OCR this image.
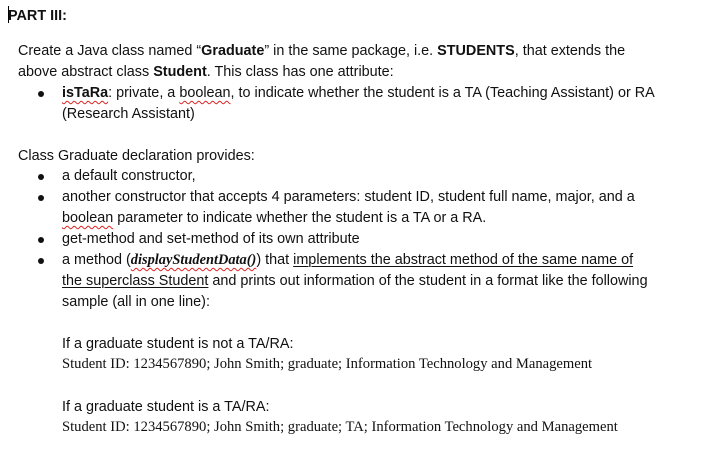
PART III:
Create a Java class named “Graduate” in the same package, i.e. STUDENTS, that extends the
above abstract class Student. This class has one attribute:
isTaRa: private, a boolean, to indicate whether the student is a TA (Teaching Assistant) or RA
(Research Assistant)
Class Graduate declaration provides:
a default constructor,
another constructor that accepts 4 parameters: student ID, student full name, major, and a
boolean parameter to indicate whether the student is a TA or a RA.
get-method and set-method of its own attribute
a method (displayStudentData()) that implements the abstract method of the same name of
the superclass Student and prints out information of the student in a format like the following
sample (all in one line):
If a graduate student is not a TA/RA:
Student ID: 1234567890; John Smith; graduate; Information Technology and Management
If a graduate student is a TA/RA:
Student ID: 1234567890; John Smith; graduate; TA; Information Technology and Management
